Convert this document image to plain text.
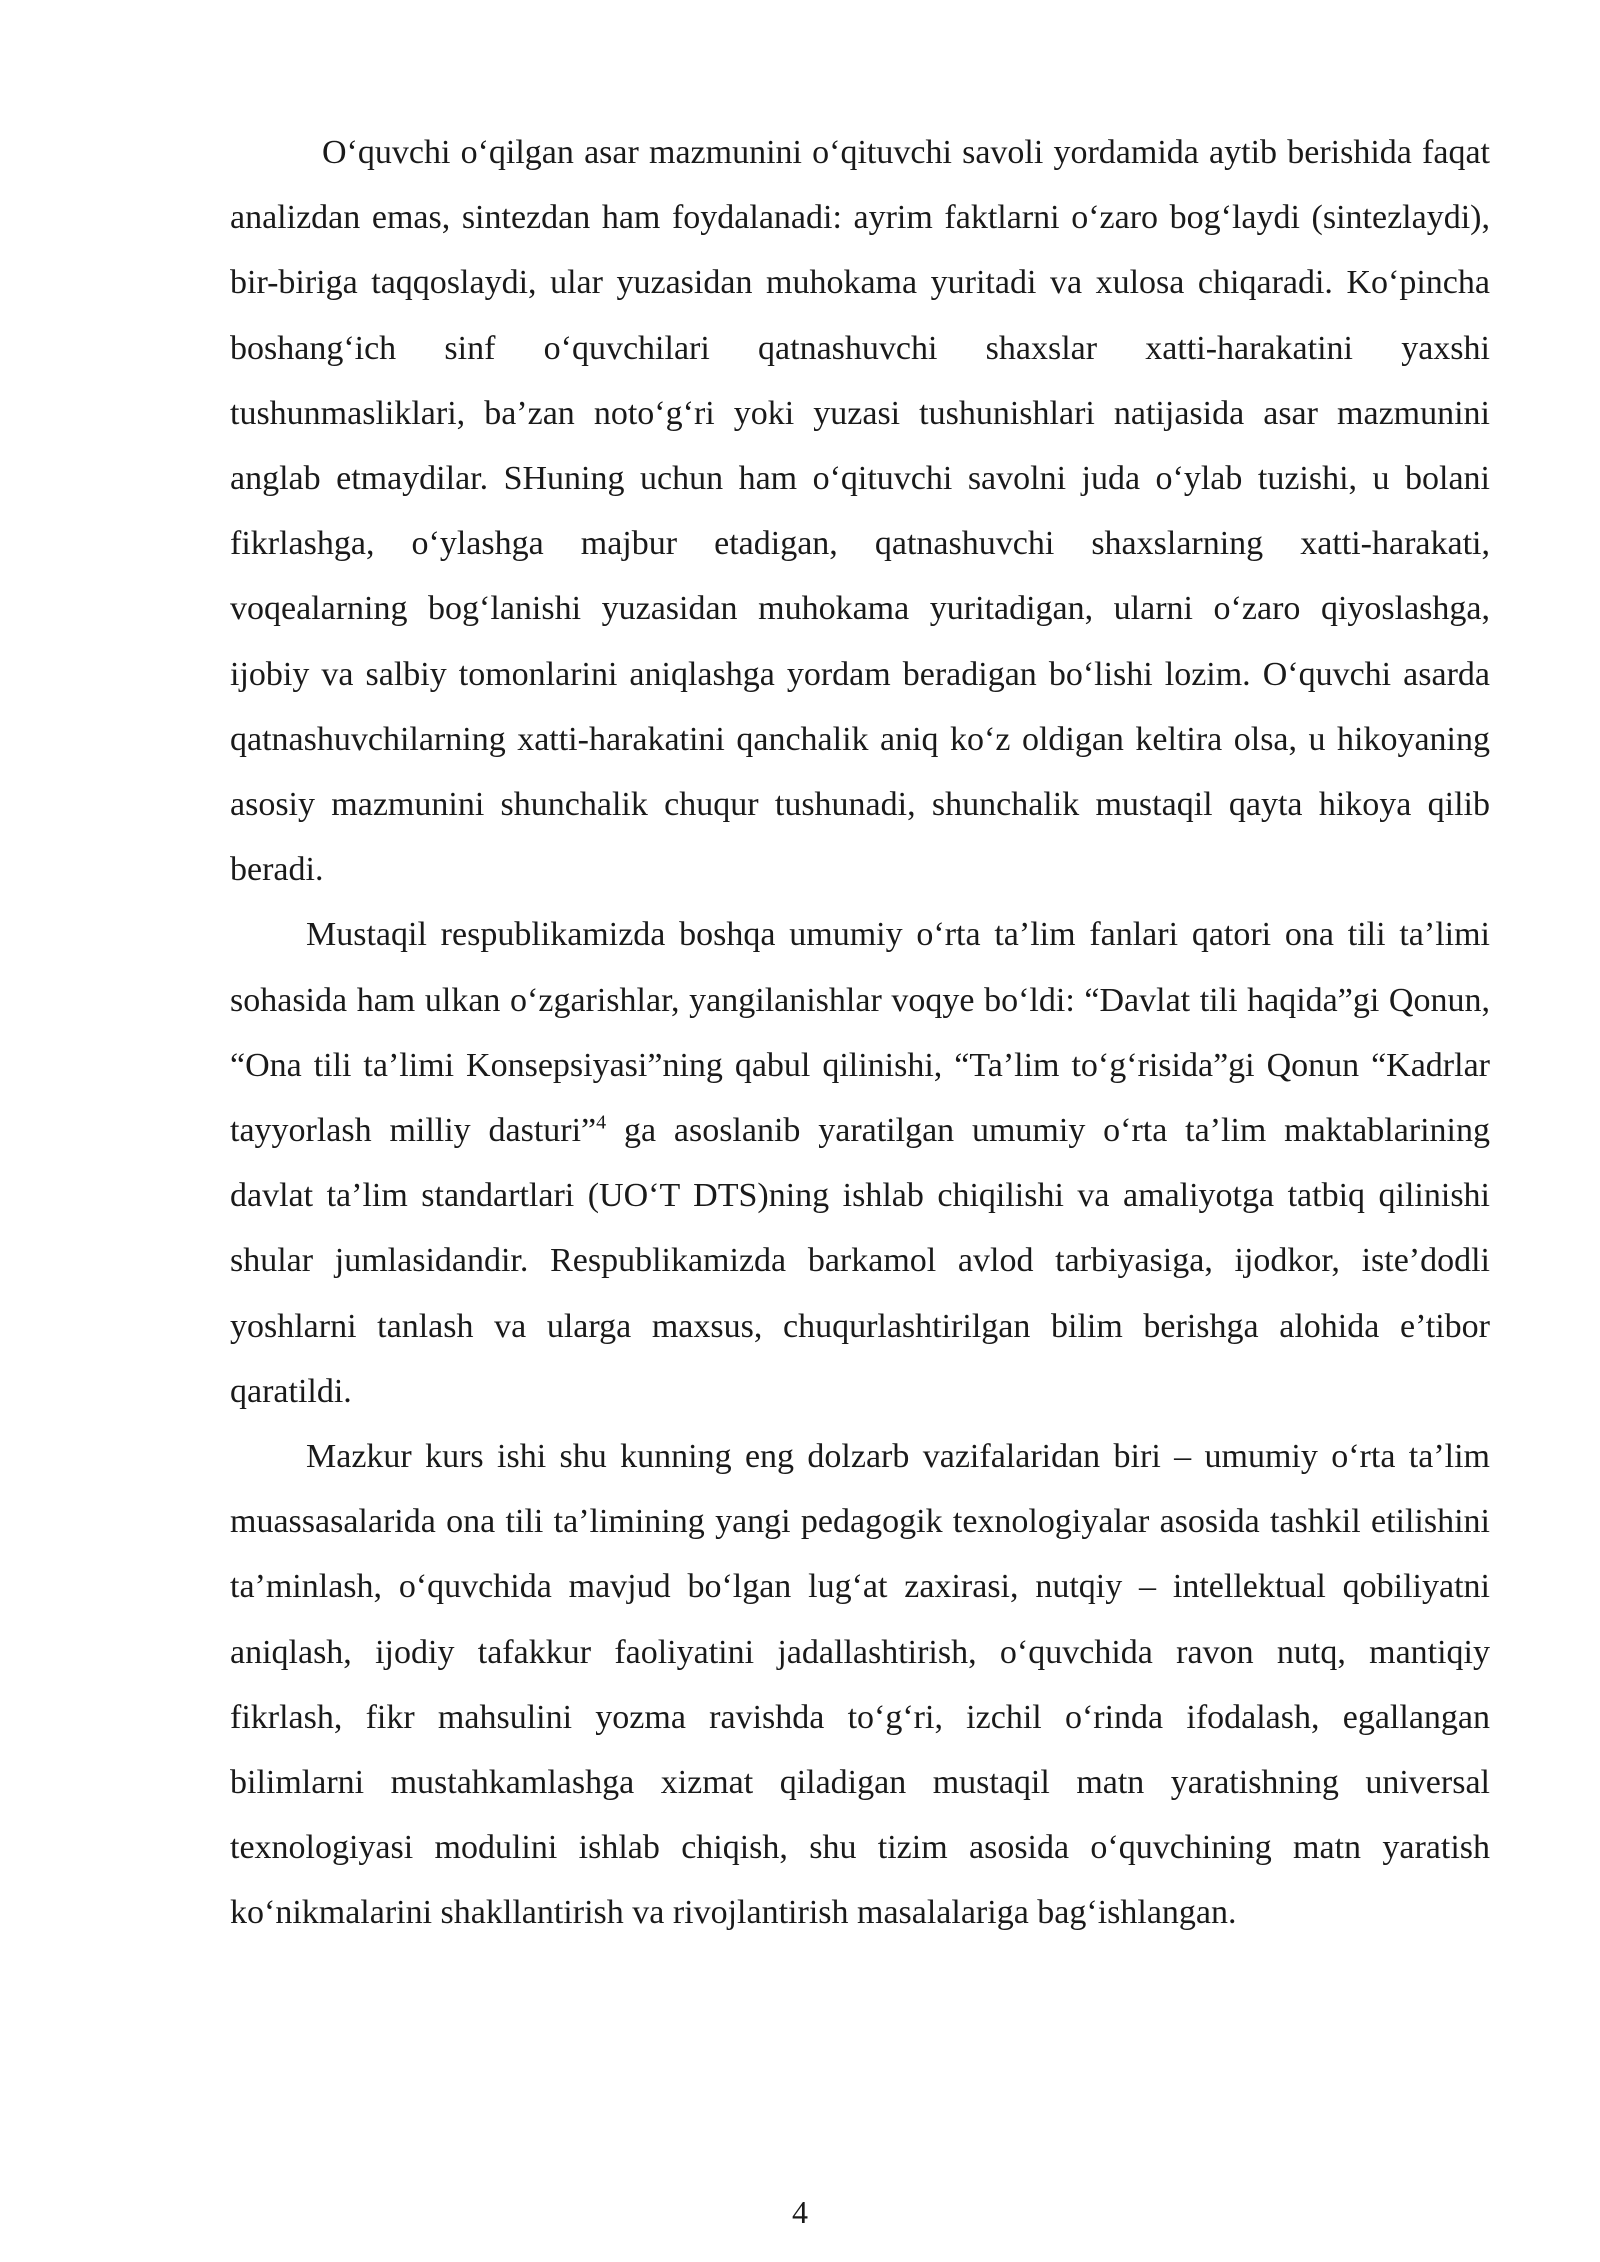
O‘quvchi o‘qilgan asar mazmunini o‘qituvchi savoli yordamida aytib berishida faqat analizdan emas, sintezdan ham foydalanadi: ayrim faktlarni o‘zaro bog‘laydi (sintezlaydi), bir-biriga taqqoslaydi, ular yuzasidan muhokama yuritadi va xulosa chiqaradi. Ko‘pincha boshang‘ich sinf o‘quvchilari qatnashuvchi shaxslar xatti-harakatini yaxshi tushunmasliklari, ba’zan noto‘g‘ri yoki yuzasi tushunishlari natijasida asar mazmunini anglab etmaydilar. SHuning uchun ham o‘qituvchi savolni juda o‘ylab tuzishi, u bolani fikrlashga, o‘ylashga majbur etadigan, qatnashuvchi shaxslarning xatti-harakati, voqealarning bog‘lanishi yuzasidan muhokama yuritadigan, ularni o‘zaro qiyoslashga, ijobiy va salbiy tomonlarini aniqlashga yordam beradigan bo‘lishi lozim. O‘quvchi asarda qatnashuvchilarning xatti-harakatini qanchalik aniq ko‘z oldigan keltira olsa, u hikoyaning asosiy mazmunini shunchalik chuqur tushunadi, shunchalik mustaqil qayta hikoya qilib beradi.

Mustaqil respublikamizda boshqa umumiy o‘rta ta’lim fanlari qatori ona tili ta’limi sohasida ham ulkan o‘zgarishlar, yangilanishlar voqye bo‘ldi: “Davlat tili haqida”gi Qonun, “Ona tili ta’limi Konsepsiyasi”ning qabul qilinishi, “Ta’lim to‘g‘risida”gi Qonun “Kadrlar tayyorlash milliy dasturi”$^4$ ga asoslanib yaratilgan umumiy o‘rta ta’lim maktablarining davlat ta’lim standartlari (UO‘T DTS)ning ishlab chiqilishi va amaliyotga tatbiq qilinishi shular jumlasidandir. Respublikamizda barkamol avlod tarbiyasiga, ijodkor, iste’dodli yoshlarni tanlash va ularga maxsus, chuqurlashtirilgan bilim berishga alohida e’tibor qaratildi.

Mazkur kurs ishi shu kunning eng dolzarb vazifalaridan biri – umumiy o‘rta ta’lim muassasalarida ona tili ta’limining yangi pedagogik texnologiyalar asosida tashkil etilishini ta’minlash, o‘quvchida mavjud bo‘lgan lug‘at zaxirasi, nutqiy – intellektual qobiliyatni aniqlash, ijodiy tafakkur faoliyatini jadallashtirish, o‘quvchida ravon nutq, mantiqiy fikrlash, fikr mahsulini yozma ravishda to‘g‘ri, izchil o‘rinda ifodalash, egallangan bilimlarni mustahkamlashga xizmat qiladigan mustaqil matn yaratishning universal texnologiyasi modulini ishlab chiqish, shu tizim asosida o‘quvchining matn yaratish ko‘nikmalarini shakllantirish va rivojlantirish masalalariga bag‘ishlangan.

4
